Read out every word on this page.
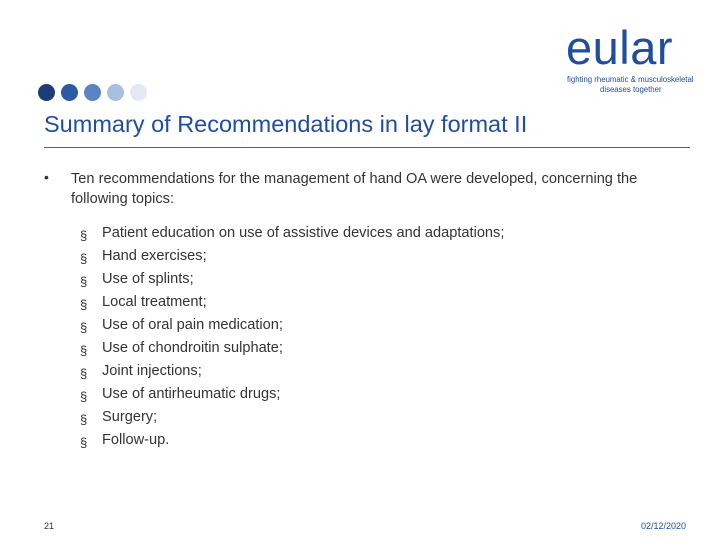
eular
fighting rheumatic & musculoskeletal
diseases together
Summary of Recommendations in lay format II
• Ten recommendations for the management of hand OA were developed, concerning the following topics:
§ Patient education on use of assistive devices and adaptations;
§ Hand exercises;
§ Use of splints;
§ Local treatment;
§ Use of oral pain medication;
§ Use of chondroitin sulphate;
§ Joint injections;
§ Use of antirheumatic drugs;
§ Surgery;
§ Follow-up.
21	02/12/2020
